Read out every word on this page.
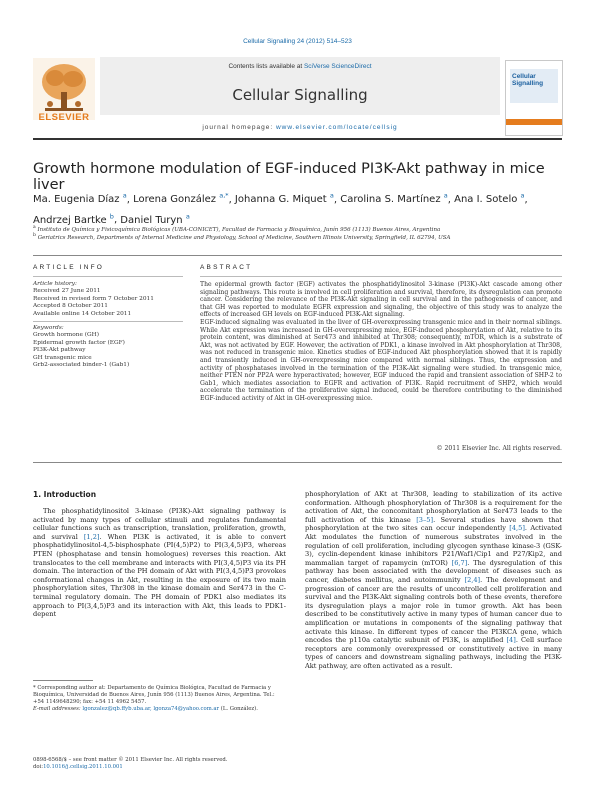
Cellular Signalling 24 (2012) 514–523
Contents lists available at SciVerse ScienceDirect
Cellular Signalling
journal homepage: www.elsevier.com/locate/cellsig
ELSEVIER
Cellular Signalling
Growth hormone modulation of EGF-induced PI3K-Akt pathway in mice liver
Ma. Eugenia Díaz $^a$, Lorena González $^{a,*}$, Johanna G. Miquet $^a$, Carolina S. Martínez $^a$, Ana I. Sotelo $^a$,
Andrzej Bartke $^b$, Daniel Turyn $^a$
$^a$ Instituto de Química y Fisicoquímica Biológicas (UBA-CONICET), Facultad de Farmacia y Bioquímica, Junín 956 (1113) Buenos Aires, Argentina
$^b$ Geriatrics Research, Departments of Internal Medicine and Physiology, School of Medicine, Southern Illinois University, Springfield, IL 62794, USA
ARTICLE INFO	ABSTRACT
Article history:
Received 27 June 2011
Received in revised form 7 October 2011
Accepted 8 October 2011
Available online 14 October 2011
Keywords:
Growth hormone (GH)
Epidermal growth factor (EGF)
PI3K-Akt pathway
GH transgenic mice
Grb2-associated binder-1 (Gab1)

The epidermal growth factor (EGF) activates the phosphatidylinositol 3-kinase (PI3K)-Akt cascade among other signaling pathways. This route is involved in cell proliferation and survival, therefore, its dysregulation can promote cancer. Considering the relevance of the PI3K-Akt signaling in cell survival and in the pathogenesis of cancer, and that GH was reported to modulate EGFR expression and signaling, the objective of this study was to analyze the effects of increased GH levels on EGF-induced PI3K-Akt signaling.

EGF-induced signaling was evaluated in the liver of GH-overexpressing transgenic mice and in their normal siblings. While Akt expression was increased in GH-overexpressing mice, EGF-induced phosphorylation of Akt, relative to its protein content, was diminished at Ser473 and inhibited at Thr308; consequently, mTOR, which is a substrate of Akt, was not activated by EGF. However, the activation of PDK1, a kinase involved in Akt phosphorylation at Thr308, was not reduced in transgenic mice. Kinetics studies of EGF-induced Akt phosphorylation showed that it is rapidly and transiently induced in GH-overexpressing mice compared with normal siblings. Thus, the expression and activity of phosphatases involved in the termination of the PI3K-Akt signaling were studied. In transgenic mice, neither PTEN nor PP2A were hyperactivated; however, EGF induced the rapid and transient association of SHP-2 to Gab1, which mediates association to EGFR and activation of PI3K. Rapid recruitment of SHP2, which would accelerate the termination of the proliferative signal induced, could be therefore contributing to the diminished EGF-induced activity of Akt in GH-overexpressing mice.

© 2011 Elsevier Inc. All rights reserved.
1. Introduction

The phosphatidylinositol 3-kinase (PI3K)-Akt signaling pathway is activated by many types of cellular stimuli and regulates fundamental cellular functions such as transcription, translation, proliferation, growth, and survival [1,2]. When PI3K is activated, it is able to convert phosphatidylinositol-4,5-bisphosphate (PI(4,5)P2) to PI(3,4,5)P3, whereas PTEN (phosphatase and tensin homologues) reverses this reaction. Akt translocates to the cell membrane and interacts with PI(3,4,5)P3 via its PH domain. The interaction of the PH domain of Akt with PI(3,4,5)P3 provokes conformational changes in Akt, resulting in the exposure of its two main phosphorylation sites, Thr308 in the kinase domain and Ser473 in the C-terminal regulatory domain. The PH domain of PDK1 also mediates its approach to PI(3,4,5)P3 and its interaction with Akt, this leads to PDK1-depent

phosphorylation of AKt at Thr308, leading to stabilization of its active conformation. Although phosphorylation of Thr308 is a requirement for the activation of Akt, the concomitant phosphorylation at Ser473 leads to the full activation of this kinase [3–5]. Several studies have shown that phosphorylation at the two sites can occur independently [4,5]. Activated Akt modulates the function of numerous substrates involved in the regulation of cell proliferation, including glycogen synthase kinase-3 (GSK-3), cyclin-dependent kinase inhibitors P21/Waf1/Cip1 and P27/Kip2, and mammalian target of rapamycin (mTOR) [6,7]. The dysregulation of this pathway has been associated with the development of diseases such as cancer, diabetes mellitus, and autoimmunity [2,4]. The development and progression of cancer are the results of uncontrolled cell proliferation and survival and the PI3K-Akt signaling controls both of these events, therefore its dysregulation plays a major role in tumor growth. Akt has been described to be constitutively active in many types of human cancer due to amplification or mutations in components of the signaling pathway that activate this kinase. In different types of cancer the PI3KCA gene, which encodes the p110a catalytic subunit of PI3K, is amplified [4]. Cell surface receptors are commonly overexpressed or constitutively active in many types of cancers and downstream signaling pathways, including the PI3K-Akt pathway, are often activated as a result.

* Corresponding author at: Departamento de Química Biológica, Facultad de Farmacia y Bioquímica, Universidad de Buenos Aires, Junín 956 (1113) Buenos Aires, Argentina. Tel.: +54 1149648290; fax: +54 11 4962 5457.
E-mail addresses: lgonzalez@qb.ffyb.uba.ar, lgonza74@yahoo.com.ar (L. González).
0898-6568/$ – see front matter © 2011 Elsevier Inc. All rights reserved.
doi:10.1016/j.cellsig.2011.10.001
